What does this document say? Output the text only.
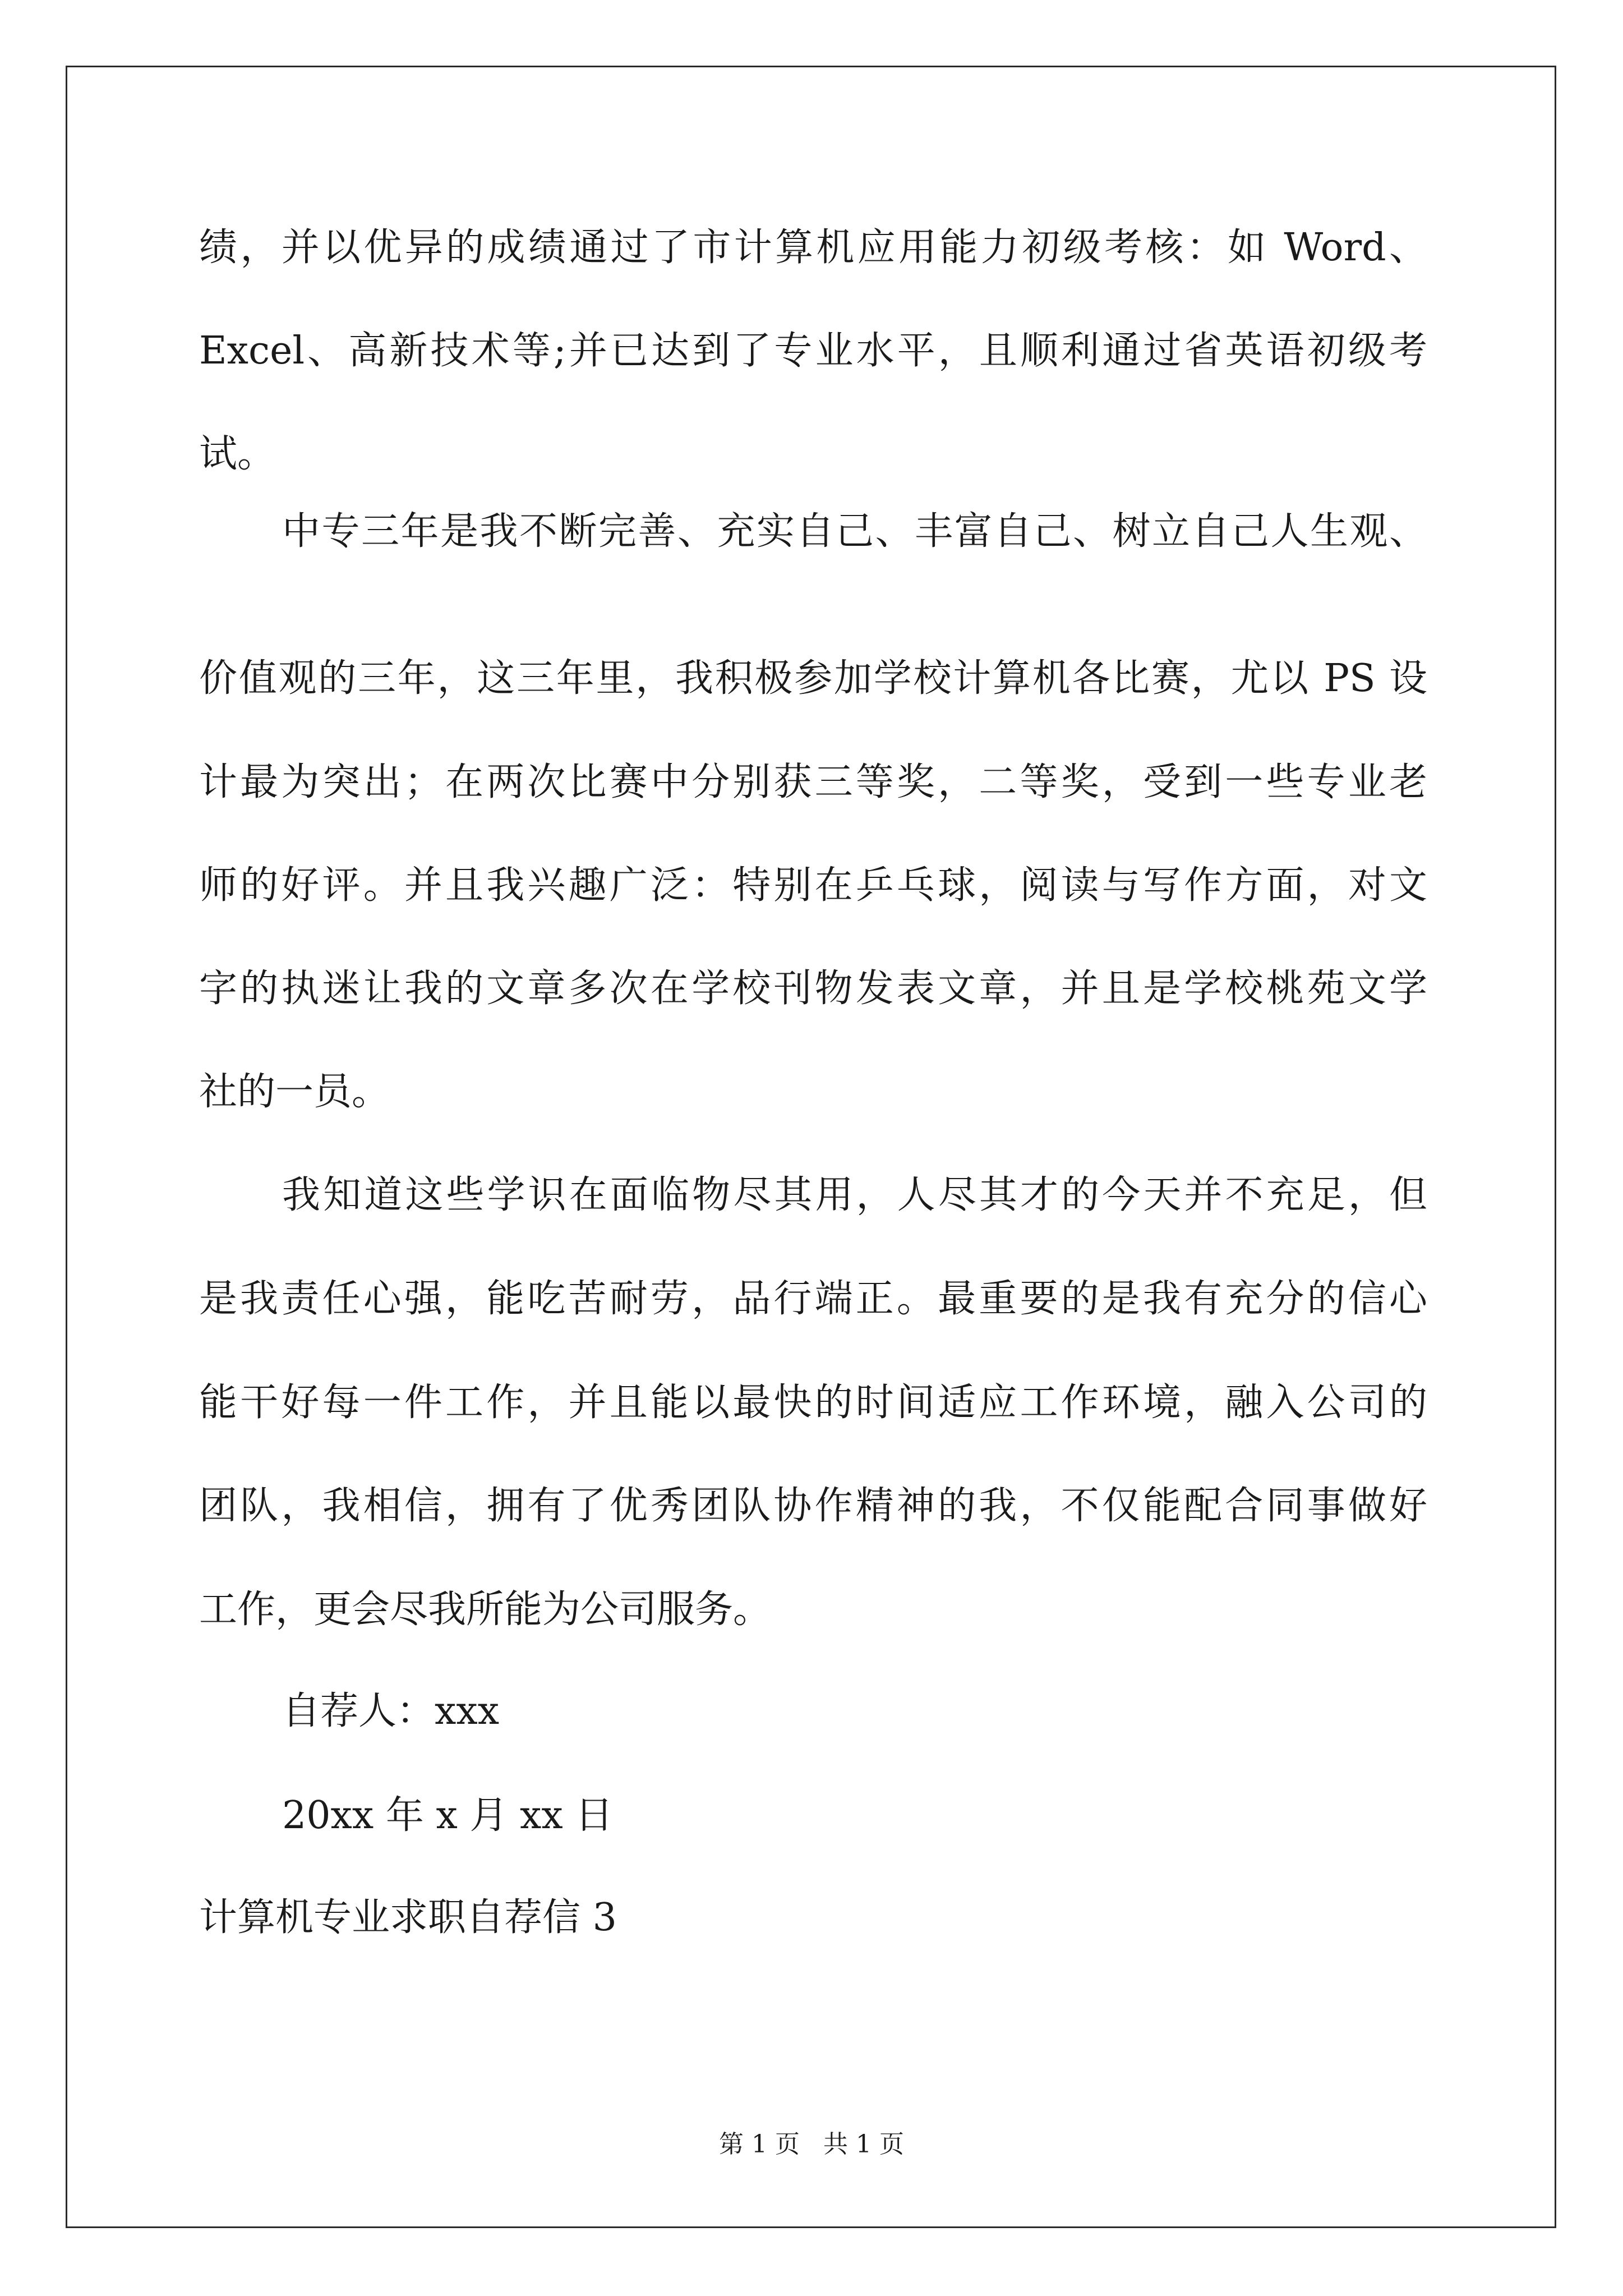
绩，并以优异的成绩通过了市计算机应用能力初级考核：如 Word、
Excel、高新技术等;并已达到了专业水平，且顺利通过省英语初级考
试。
中专三年是我不断完善、充实自己、丰富自己、树立自己人生观、
价值观的三年，这三年里，我积极参加学校计算机各比赛，尤以 PS 设
计最为突出；在两次比赛中分别获三等奖，二等奖，受到一些专业老
师的好评。并且我兴趣广泛：特别在乒乓球，阅读与写作方面，对文
字的执迷让我的文章多次在学校刊物发表文章，并且是学校桃苑文学
社的一员。
我知道这些学识在面临物尽其用，人尽其才的今天并不充足，但
是我责任心强，能吃苦耐劳，品行端正。最重要的是我有充分的信心
能干好每一件工作，并且能以最快的时间适应工作环境，融入公司的
团队，我相信，拥有了优秀团队协作精神的我，不仅能配合同事做好
工作，更会尽我所能为公司服务。
自荐人：xxx
20xx 年 x 月 xx 日
计算机专业求职自荐信 3
第 1 页 共 1 页
